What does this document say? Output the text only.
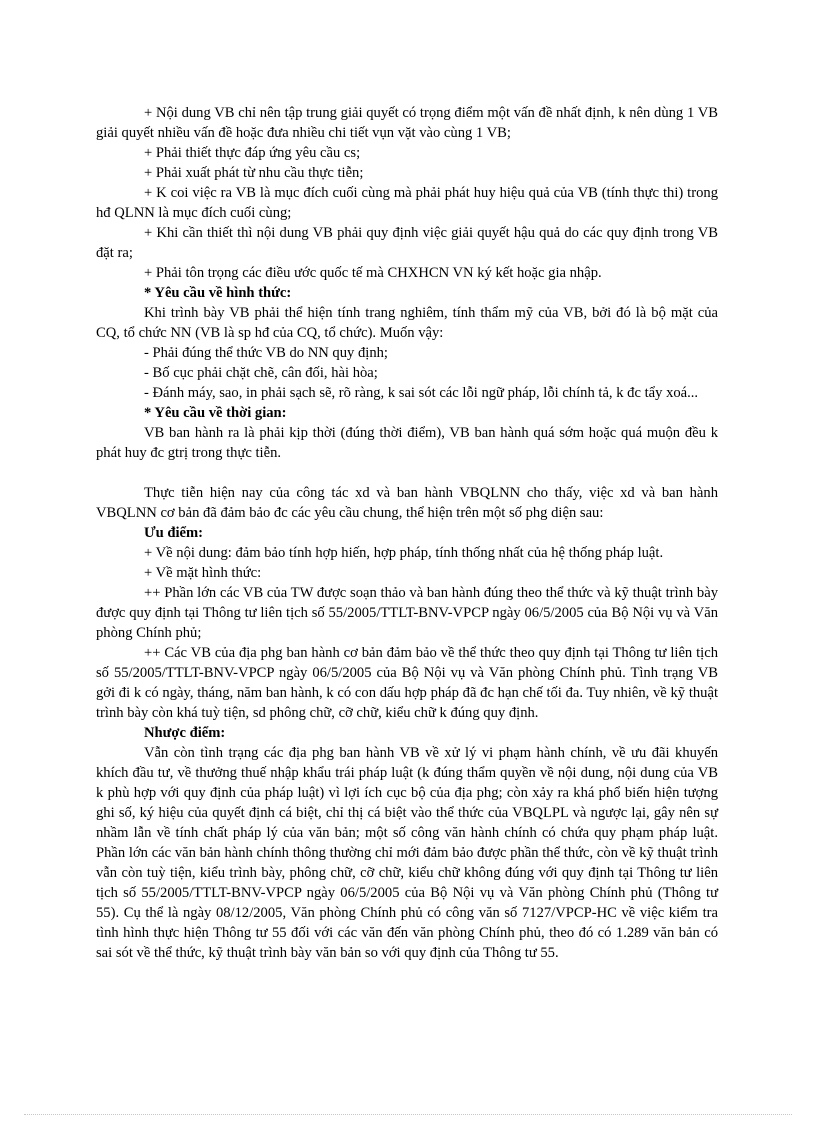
+ Nội dung VB chỉ nên tập trung giải quyết có trọng điểm một vấn đề nhất định, k nên dùng 1 VB giải quyết nhiều vấn đề hoặc đưa nhiều chi tiết vụn vặt vào cùng 1 VB;

+ Phải thiết thực đáp ứng yêu cầu cs;

+ Phải xuất phát từ nhu cầu thực tiễn;

+ K coi việc ra VB là mục đích cuối cùng mà phải phát huy hiệu quả của VB (tính thực thi) trong hđ QLNN là mục đích cuối cùng;

+ Khi cần thiết thì nội dung VB phải quy định việc giải quyết hậu quả do các quy định trong VB đặt ra;

+ Phải tôn trọng các điều ước quốc tế mà CHXHCN VN ký kết hoặc gia nhập.

* Yêu cầu về hình thức:

Khi trình bày VB phải thể hiện tính trang nghiêm, tính thẩm mỹ của VB, bởi đó là bộ mặt của CQ, tổ chức NN (VB là sp hđ của CQ, tổ chức). Muốn vậy:

- Phải đúng thể thức VB do NN quy định;

- Bố cục phải chặt chẽ, cân đối, hài hòa;

- Đánh máy, sao, in phải sạch sẽ, rõ ràng, k sai sót các lỗi ngữ pháp, lỗi chính tả, k đc tẩy xoá...

* Yêu cầu về thời gian:

VB ban hành ra là phải kịp thời (đúng thời điểm), VB ban hành quá sớm hoặc quá muộn đều k phát huy đc gtrị trong thực tiễn.

Thực tiễn hiện nay của công tác xd và ban hành VBQLNN cho thấy, việc xd và ban hành VBQLNN cơ bản đã đảm bảo đc các yêu cầu chung, thể hiện trên một số phg diện sau:

Ưu điểm:

+ Về nội dung: đảm bảo tính hợp hiến, hợp pháp, tính thống nhất của hệ thống pháp luật.

+ Về mặt hình thức:

++ Phần lớn các VB của TW được soạn thảo và ban hành đúng theo thể thức và kỹ thuật trình bày được quy định tại Thông tư liên tịch số 55/2005/TTLT-BNV-VPCP ngày 06/5/2005 của Bộ Nội vụ và Văn phòng Chính phủ;

++ Các VB của địa phg ban hành cơ bản đảm bảo về thể thức theo quy định tại Thông tư liên tịch số 55/2005/TTLT-BNV-VPCP ngày 06/5/2005 của Bộ Nội vụ và Văn phòng Chính phủ. Tình trạng VB gởi đi k có ngày, tháng, năm ban hành, k có con dấu hợp pháp đã đc hạn chế tối đa. Tuy nhiên, về kỹ thuật trình bày còn khá tuỳ tiện, sd phông chữ, cỡ chữ, kiểu chữ k đúng quy định.

Nhược điểm:

Vẫn còn tình trạng các địa phg ban hành VB về xử lý vi phạm hành chính, về ưu đãi khuyến khích đầu tư, về thưởng thuế nhập khẩu trái pháp luật (k đúng thẩm quyền về nội dung, nội dung của VB k phù hợp với quy định của pháp luật) vì lợi ích cục bộ của địa phg; còn xảy ra khá phổ biến hiện tượng ghi số, ký hiệu của quyết định cá biệt, chỉ thị cá biệt vào thể thức của VBQLPL và ngược lại, gây nên sự nhầm lẫn về tính chất pháp lý của văn bản; một số công văn hành chính có chứa quy phạm pháp luật. Phần lớn các văn bản hành chính thông thường chỉ mới đảm bảo được phần thể thức, còn về kỹ thuật trình vẫn còn tuỳ tiện, kiểu trình bày, phông chữ, cỡ chữ, kiểu chữ không đúng với quy định tại Thông tư liên tịch số 55/2005/TTLT-BNV-VPCP ngày 06/5/2005 của Bộ Nội vụ và Văn phòng Chính phủ (Thông tư 55). Cụ thể là ngày 08/12/2005, Văn phòng Chính phủ có công văn số 7127/VPCP-HC về việc kiểm tra tình hình thực hiện Thông tư 55 đối với các văn đến văn phòng Chính phủ, theo đó có 1.289 văn bản có sai sót về thể thức, kỹ thuật trình bày văn bản so với quy định của Thông tư 55.
